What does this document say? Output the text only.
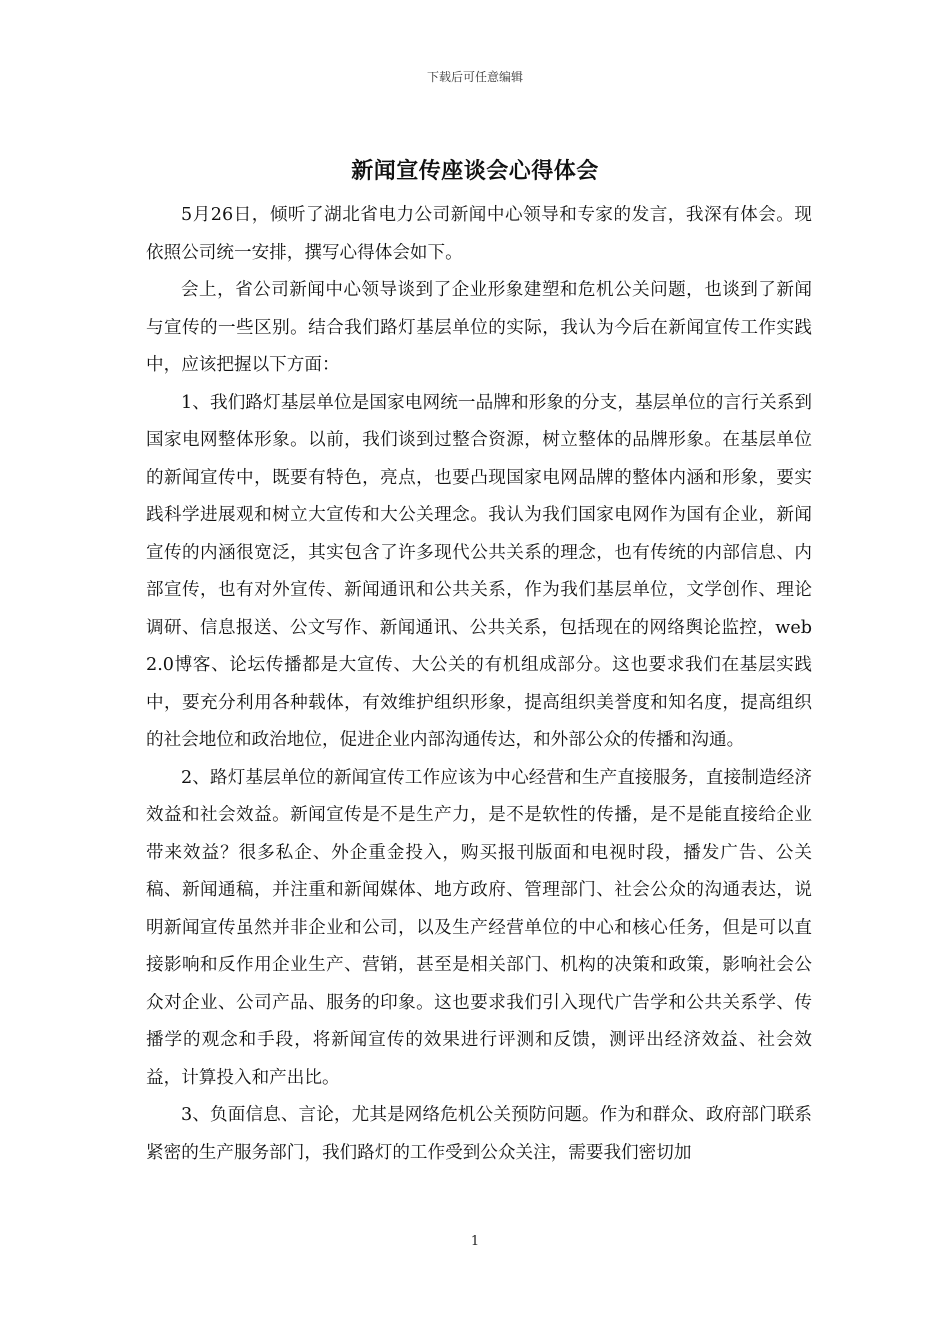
下载后可任意编辑
新闻宣传座谈会心得体会

5月26日，倾听了湖北省电力公司新闻中心领导和专家的发言，我深有体会。现依照公司统一安排，撰写心得体会如下。

会上，省公司新闻中心领导谈到了企业形象建塑和危机公关问题，也谈到了新闻与宣传的一些区别。结合我们路灯基层单位的实际，我认为今后在新闻宣传工作实践中，应该把握以下方面：

1、我们路灯基层单位是国家电网统一品牌和形象的分支，基层单位的言行关系到国家电网整体形象。以前，我们谈到过整合资源，树立整体的品牌形象。在基层单位的新闻宣传中，既要有特色，亮点，也要凸现国家电网品牌的整体内涵和形象，要实践科学进展观和树立大宣传和大公关理念。我认为我们国家电网作为国有企业，新闻宣传的内涵很宽泛，其实包含了许多现代公共关系的理念，也有传统的内部信息、内部宣传，也有对外宣传、新闻通讯和公共关系，作为我们基层单位，文学创作、理论调研、信息报送、公文写作、新闻通讯、公共关系，包括现在的网络舆论监控，web2.0博客、论坛传播都是大宣传、大公关的有机组成部分。这也要求我们在基层实践中，要充分利用各种载体，有效维护组织形象，提高组织美誉度和知名度，提高组织的社会地位和政治地位，促进企业内部沟通传达，和外部公众的传播和沟通。

2、路灯基层单位的新闻宣传工作应该为中心经营和生产直接服务，直接制造经济效益和社会效益。新闻宣传是不是生产力，是不是软性的传播，是不是能直接给企业带来效益？很多私企、外企重金投入，购买报刊版面和电视时段，播发广告、公关稿、新闻通稿，并注重和新闻媒体、地方政府、管理部门、社会公众的沟通表达，说明新闻宣传虽然并非企业和公司，以及生产经营单位的中心和核心任务，但是可以直接影响和反作用企业生产、营销，甚至是相关部门、机构的决策和政策，影响社会公众对企业、公司产品、服务的印象。这也要求我们引入现代广告学和公共关系学、传播学的观念和手段，将新闻宣传的效果进行评测和反馈，测评出经济效益、社会效益，计算投入和产出比。

3、负面信息、言论，尤其是网络危机公关预防问题。作为和群众、政府部门联系紧密的生产服务部门，我们路灯的工作受到公众关注，需要我们密切加

1
